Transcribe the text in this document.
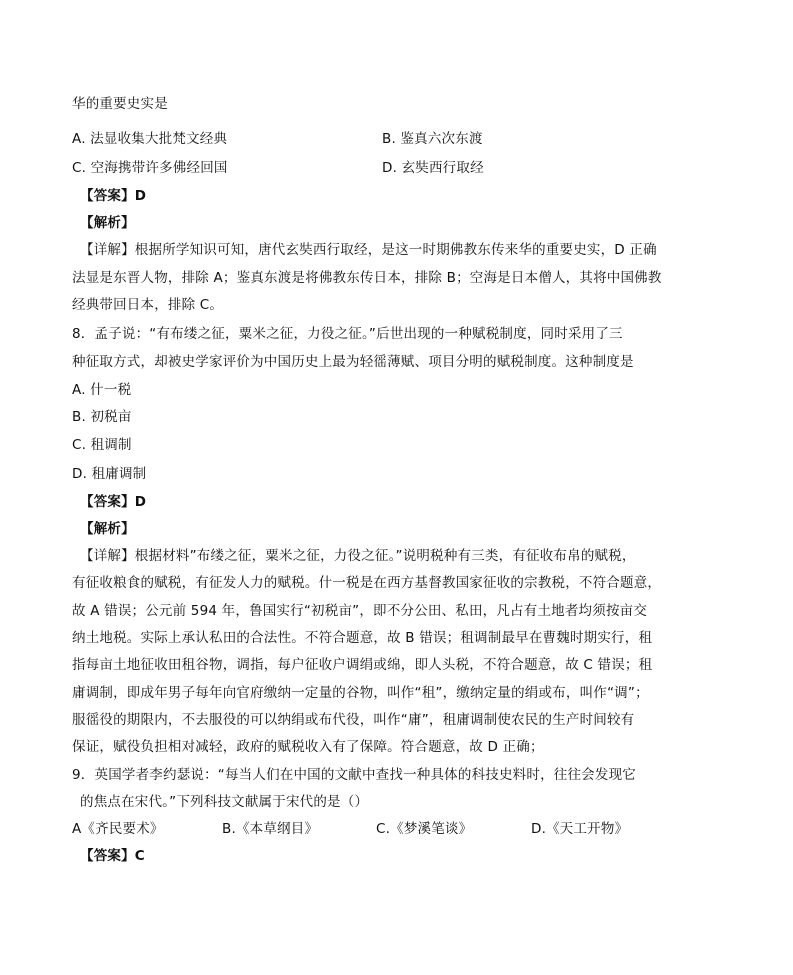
华的重要史实是

A. 法显收集大批梵文经典	B. 鉴真六次东渡

C. 空海携带许多佛经回国	D. 玄奘西行取经

【答案】D

【解析】

【详解】根据所学知识可知，唐代玄奘西行取经，是这一时期佛教东传来华的重要史实，D 正确

法显是东晋人物，排除 A；鉴真东渡是将佛教东传日本，排除 B；空海是日本僧人，其将中国佛教

经典带回日本，排除 C。

8．孟子说：“有布缕之征，粟米之征，力役之征。”后世出现的一种赋税制度，同时采用了三

种征取方式，却被史学家评价为中国历史上最为轻徭薄赋、项目分明的赋税制度。这种制度是

A. 什一税

B. 初税亩

C. 租调制

D. 租庸调制

【答案】D

【解析】

【详解】根据材料”布缕之征，粟米之征，力役之征。”说明税种有三类，有征收布帛的赋税，

有征收粮食的赋税，有征发人力的赋税。什一税是在西方基督教国家征收的宗教税，不符合题意，

故 A 错误；公元前 594 年，鲁国实行“初税亩”，即不分公田、私田，凡占有土地者均须按亩交

纳土地税。实际上承认私田的合法性。不符合题意，故 B 错误；租调制最早在曹魏时期实行，租

指每亩土地征收田租谷物，调指，每户征收户调绢或绵，即人头税，不符合题意，故 C 错误；租

庸调制，即成年男子每年向官府缴纳一定量的谷物，叫作“租”，缴纳定量的绢或布，叫作“调”；

服徭役的期限内，不去服役的可以纳绢或布代役，叫作“庸”，租庸调制使农民的生产时间较有

保证，赋役负担相对减轻，政府的赋税收入有了保障。符合题意，故 D 正确；

9．英国学者李约瑟说：“每当人们在中国的文献中查找一种具体的科技史料时，往往会发现它

的焦点在宋代。”下列科技文献属于宋代的是（）

A《齐民要术》	B.《本草纲目》	C.《梦溪笔谈》	D.《天工开物》

【答案】C
